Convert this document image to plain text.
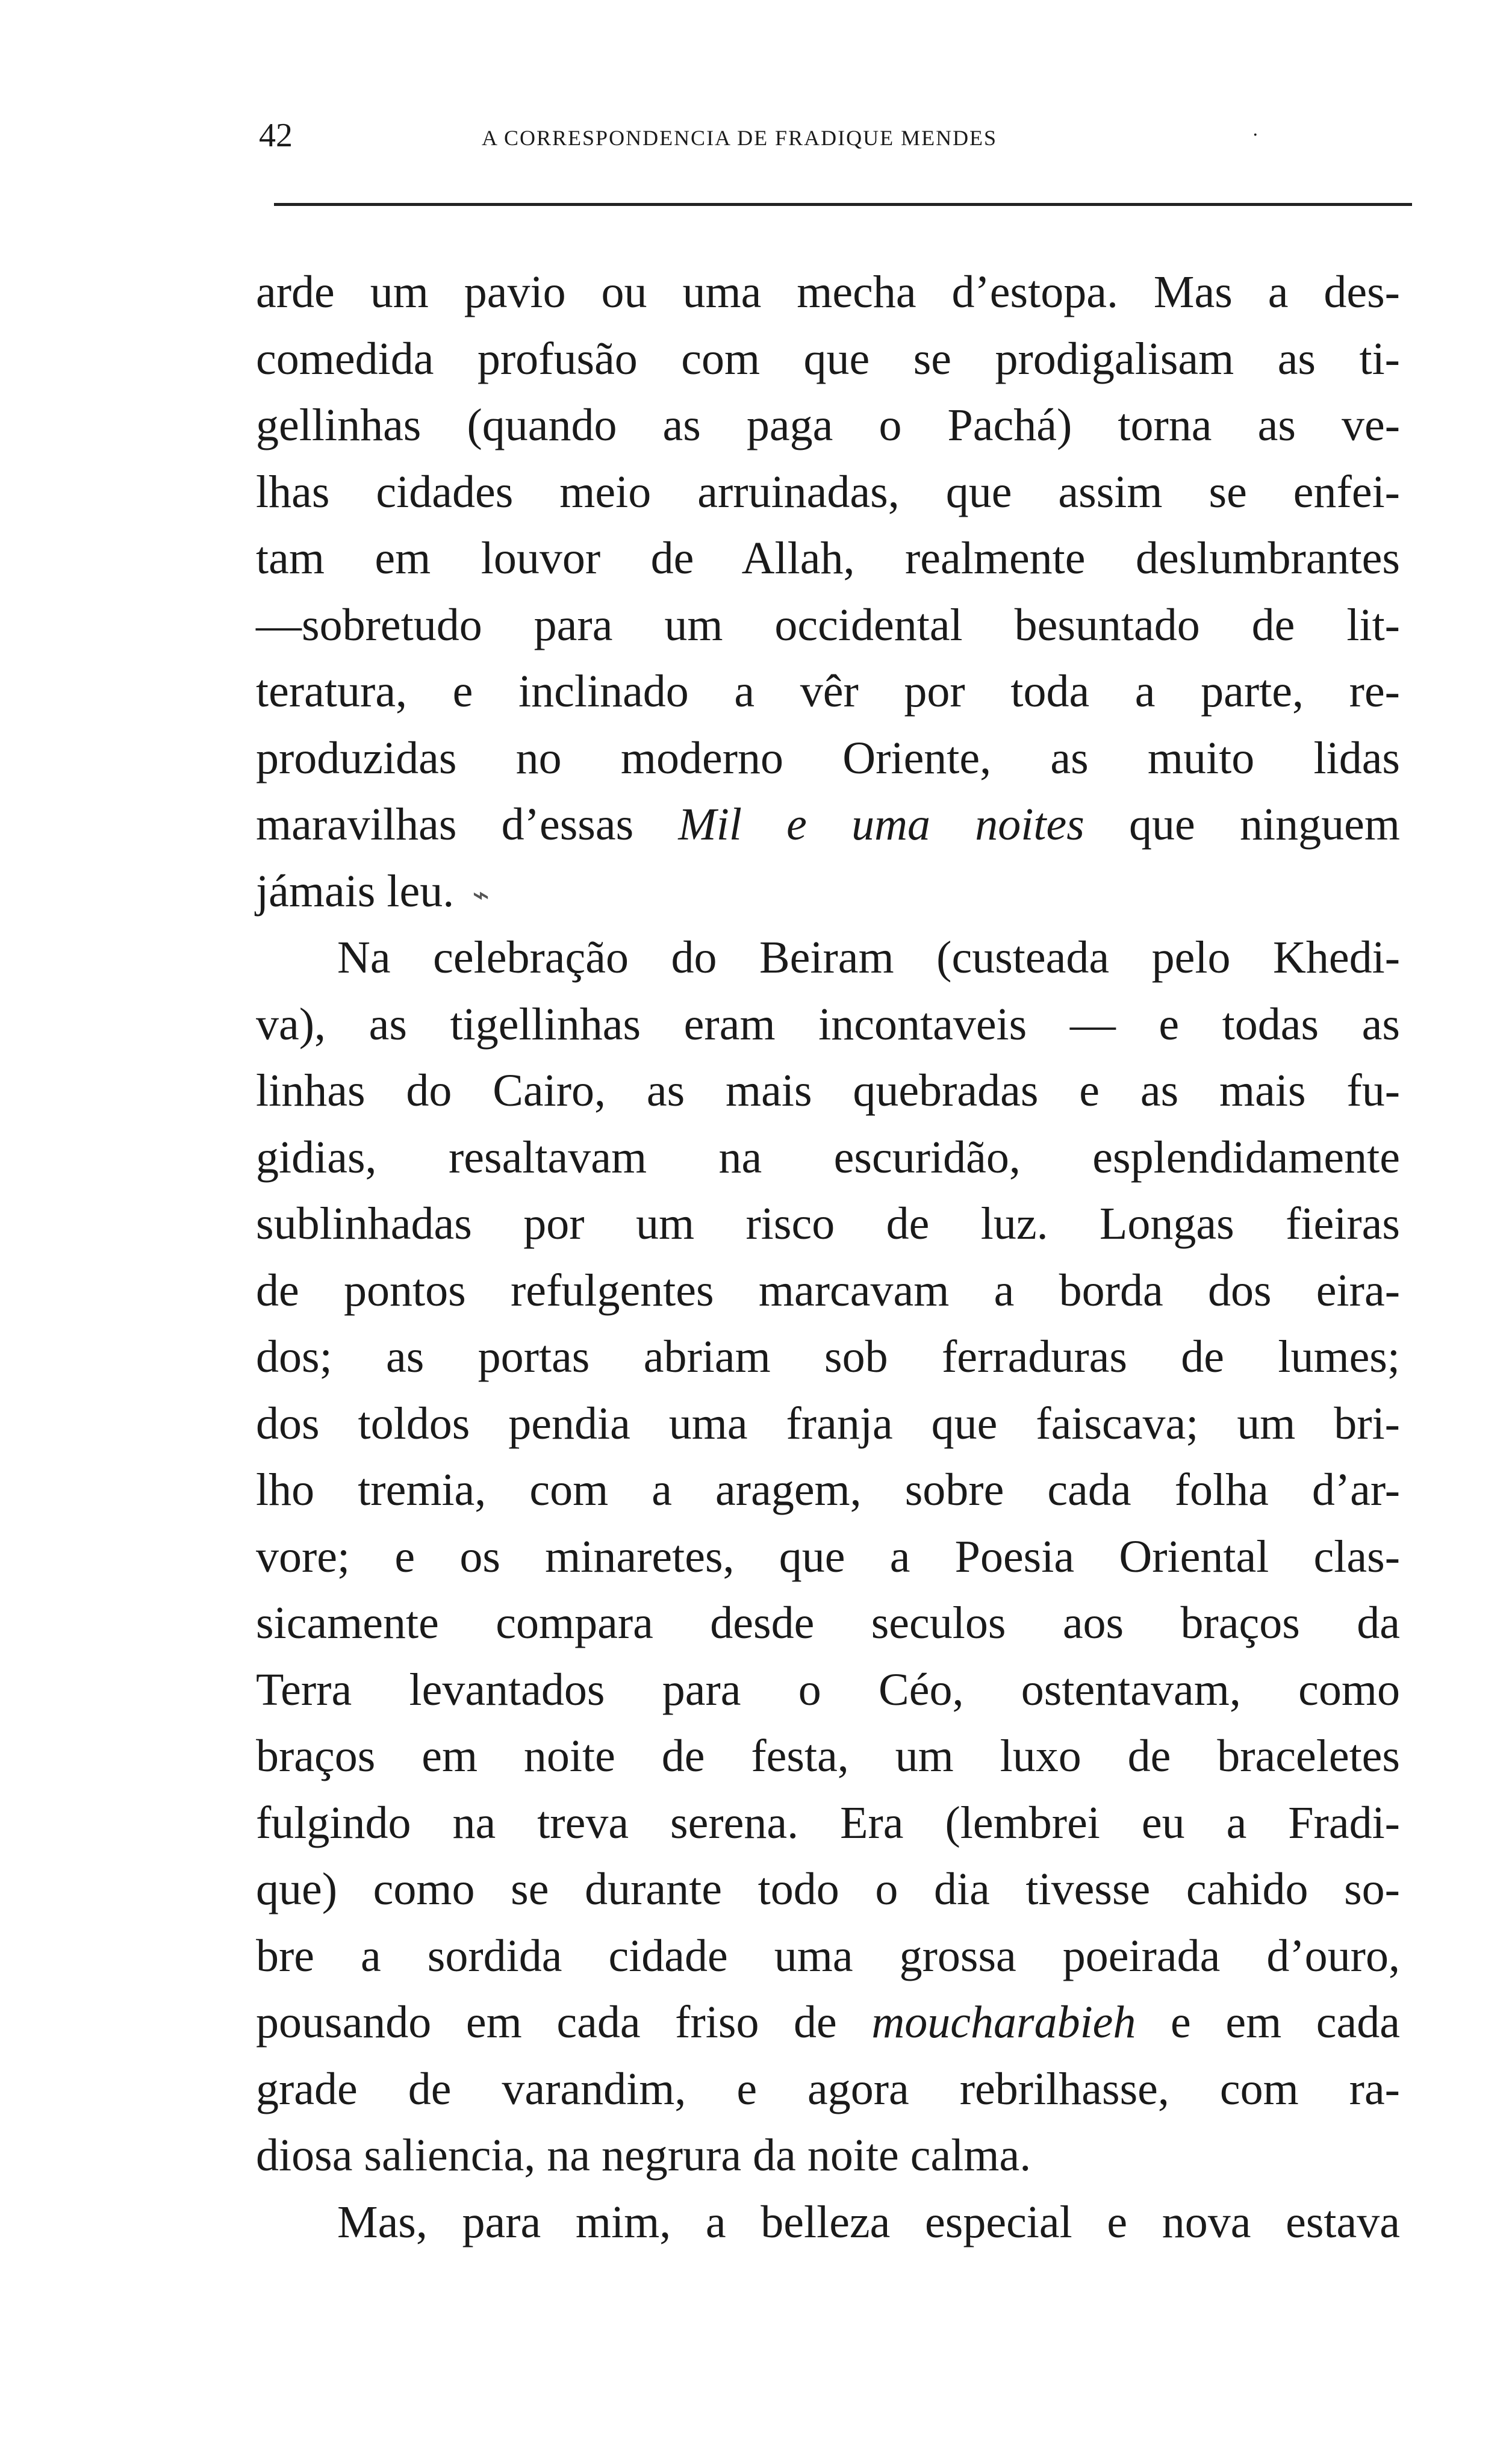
42	A CORRESPONDENCIA DE FRADIQUE MENDES	·
arde um pavio ou uma mecha d’estopa. Mas a des-
comedida profusão com que se prodigalisam as ti-
gellinhas (quando as paga o Pachá) torna as ve-
lhas cidades meio arruinadas, que assim se enfei-
tam em louvor de Allah, realmente deslumbrantes
—sobretudo para um occidental besuntado de lit-
teratura, e inclinado a vêr por toda a parte, re-
produzidas no moderno Oriente, as muito lidas
maravilhas d’essas Mil e uma noites que ninguem
jámais leu. ⌁
Na celebração do Beiram (custeada pelo Khedi-
va), as tigellinhas eram incontaveis — e todas as
linhas do Cairo, as mais quebradas e as mais fu-
gidias, resaltavam na escuridão, esplendidamente
sublinhadas por um risco de luz. Longas fieiras
de pontos refulgentes marcavam a borda dos eira-
dos; as portas abriam sob ferraduras de lumes;
dos toldos pendia uma franja que faiscava; um bri-
lho tremia, com a aragem, sobre cada folha d’ar-
vore; e os minaretes, que a Poesia Oriental clas-
sicamente compara desde seculos aos braços da
Terra levantados para o Céo, ostentavam, como
braços em noite de festa, um luxo de braceletes
fulgindo na treva serena. Era (lembrei eu a Fradi-
que) como se durante todo o dia tivesse cahido so-
bre a sordida cidade uma grossa poeirada d’ouro,
pousando em cada friso de moucharabieh e em cada
grade de varandim, e agora rebrilhasse, com ra-
diosa saliencia, na negrura da noite calma.
Mas, para mim, a belleza especial e nova estava
